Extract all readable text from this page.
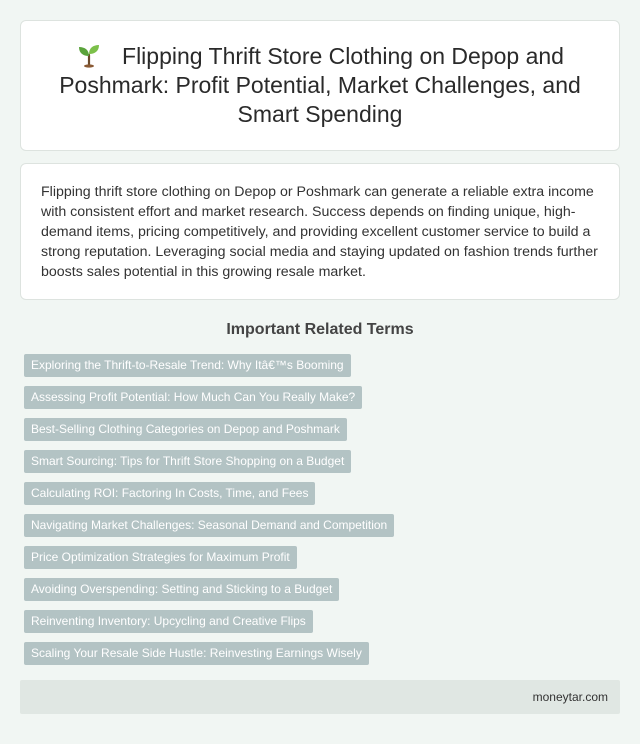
Flipping Thrift Store Clothing on Depop and Poshmark: Profit Potential, Market Challenges, and Smart Spending

Flipping thrift store clothing on Depop or Poshmark can generate a reliable extra income with consistent effort and market research. Success depends on finding unique, high-demand items, pricing competitively, and providing excellent customer service to build a strong reputation. Leveraging social media and staying updated on fashion trends further boosts sales potential in this growing resale market.

Important Related Terms
Exploring the Thrift-to-Resale Trend: Why Itâ€™s Booming
Assessing Profit Potential: How Much Can You Really Make?
Best-Selling Clothing Categories on Depop and Poshmark
Smart Sourcing: Tips for Thrift Store Shopping on a Budget
Calculating ROI: Factoring In Costs, Time, and Fees
Navigating Market Challenges: Seasonal Demand and Competition
Price Optimization Strategies for Maximum Profit
Avoiding Overspending: Setting and Sticking to a Budget
Reinventing Inventory: Upcycling and Creative Flips
Scaling Your Resale Side Hustle: Reinvesting Earnings Wisely
moneytar.com
